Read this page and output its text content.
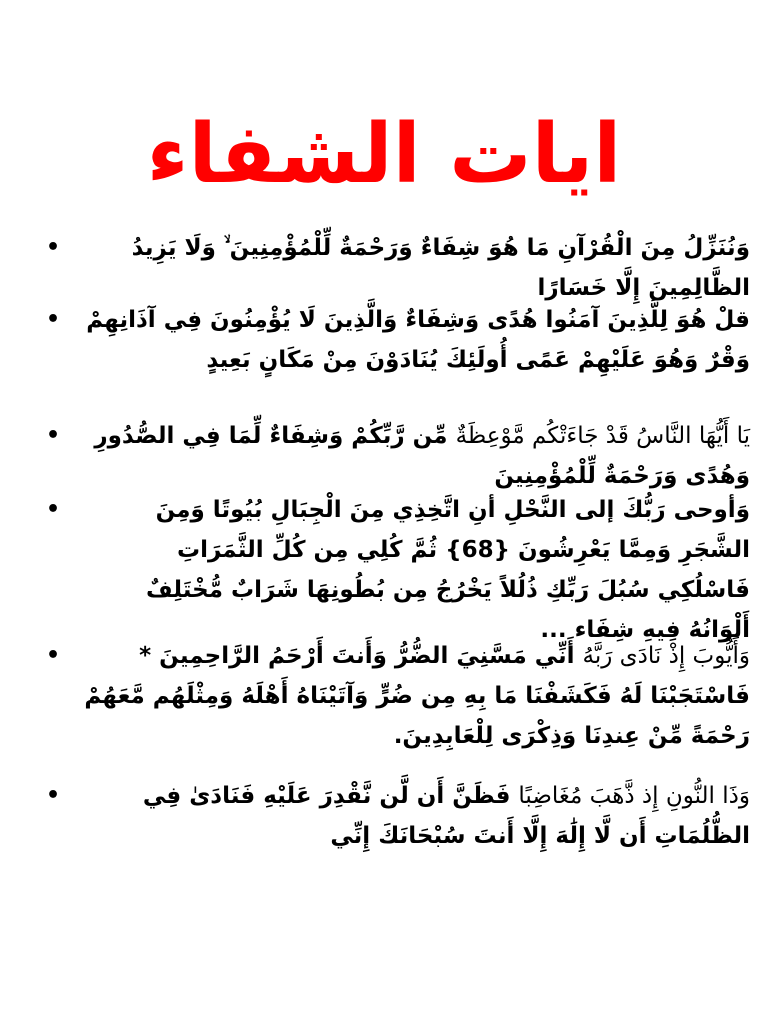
ايات الشفاء
•	وَنُنَزِّلُ مِنَ الْقُرْآنِ مَا هُوَ شِفَاءٌ وَرَحْمَةٌ لِّلْمُؤْمِنِينَ ۙ وَلَا يَزِيدُ الظَّالِمِينَ إِلَّا خَسَارًا
•	قلْ هُوَ لِلَّذِينَ آمَنُوا هُدًى وَشِفَاءٌ وَالَّذِينَ لَا يُؤْمِنُونَ فِي آذَانِهِمْ وَقْرٌ وَهُوَ عَلَيْهِمْ عَمًى أُولَئِكَ يُنَادَوْنَ مِنْ مَكَانٍ بَعِيدٍ
•	يَا أَيُّهَا النَّاسُ قَدْ جَاءَتْكُم مَّوْعِظَةٌ مِّن رَّبِّكُمْ وَشِفَاءٌ لِّمَا فِي الصُّدُورِ وَهُدًى وَرَحْمَةٌ لِّلْمُؤْمِنِينَ
•	وَأوحى رَبُّكَ إلى النَّحْلِ أنِ اتَّخِذِي مِنَ الْجِبَالِ بُيُوتًا وَمِنَ الشَّجَرِ وَمِمَّا يَعْرِشُونَ {68} ثُمَّ كُلِي مِن كُلِّ الثَّمَرَاتِ فَاسْلُكِي سُبُلَ رَبِّكِ ذُلُلاً يَخْرُجُ مِن بُطُونِهَا شَرَابٌ مُّخْتَلِفٌ أَلْوَانُهُ فِيهِ شِفَاء ...
•	وَأَيُّوبَ إِذْ نَادَى رَبَّهُ أَنِّي مَسَّنِيَ الضُّرُّ وَأَنتَ أَرْحَمُ الرَّاحِمِينَ * فَاسْتَجَبْنَا لَهُ فَكَشَفْنَا مَا بِهِ مِن ضُرٍّ وَآتَيْنَاهُ أَهْلَهُ وَمِثْلَهُم مَّعَهُمْ رَحْمَةً مِّنْ عِندِنَا وَذِكْرَى لِلْعَابِدِينَ.
•	وَذَا النُّونِ إِذ ذَّهَبَ مُغَاضِبًا فَظَنَّ أَن لَّن نَّقْدِرَ عَلَيْهِ فَنَادَىٰ فِي الظُّلُمَاتِ أَن لَّا إِلَٰهَ إِلَّا أَنتَ سُبْحَانَكَ إِنِّي
